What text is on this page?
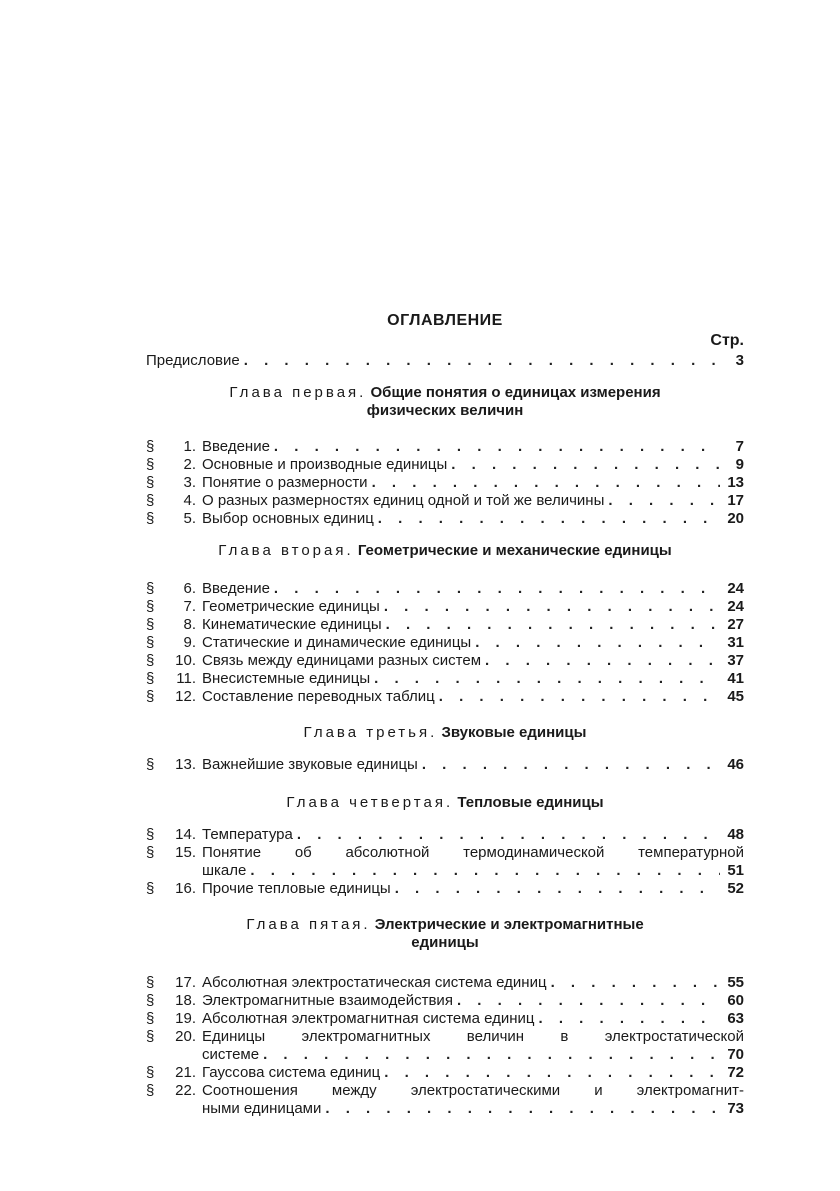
ОГЛАВЛЕНИЕ
Стр.
Предисловие . . .	3
Глава первая. Общие понятия о единицах измерения
физических величин
§	1. Введение . . .	7
§	2. Основные и производные единицы . . .	9
§	3. Понятие о размерности . . .	13
§	4. О разных размерностях единиц одной и той же величины . . .	17
§	5. Выбор основных единиц . . .	20
Глава вторая. Геометрические и механические единицы
§	6. Введение . . .	24
§	7. Геометрические единицы . . .	24
§	8. Кинематические единицы . . .	27
§	9. Статические и динамические единицы . . .	31
§	10. Связь между единицами разных систем . . .	37
§	11. Внесистемные единицы . . .	41
§	12. Составление переводных таблиц . . .	45
Глава третья. Звуковые единицы
§	13. Важнейшие звуковые единицы . . .	46
Глава четвертая. Тепловые единицы
§	14. Температура . . .	48
§	15. Понятие об абсолютной термодинамической температурной
шкале . . .	51
§	16. Прочие тепловые единицы . . .	52
Глава пятая. Электрические и электромагнитные
единицы
§	17. Абсолютная электростатическая система единиц . . .	55
§	18. Электромагнитные взаимодействия . . .	60
§	19. Абсолютная электромагнитная система единиц . . .	63
§	20. Единицы электромагнитных величин в электростатической
системе . . .	70
§	21. Гауссова система единиц . . .	72
§	22. Соотношения между электростатическими и электромагнит-
ными единицами . . .	73
